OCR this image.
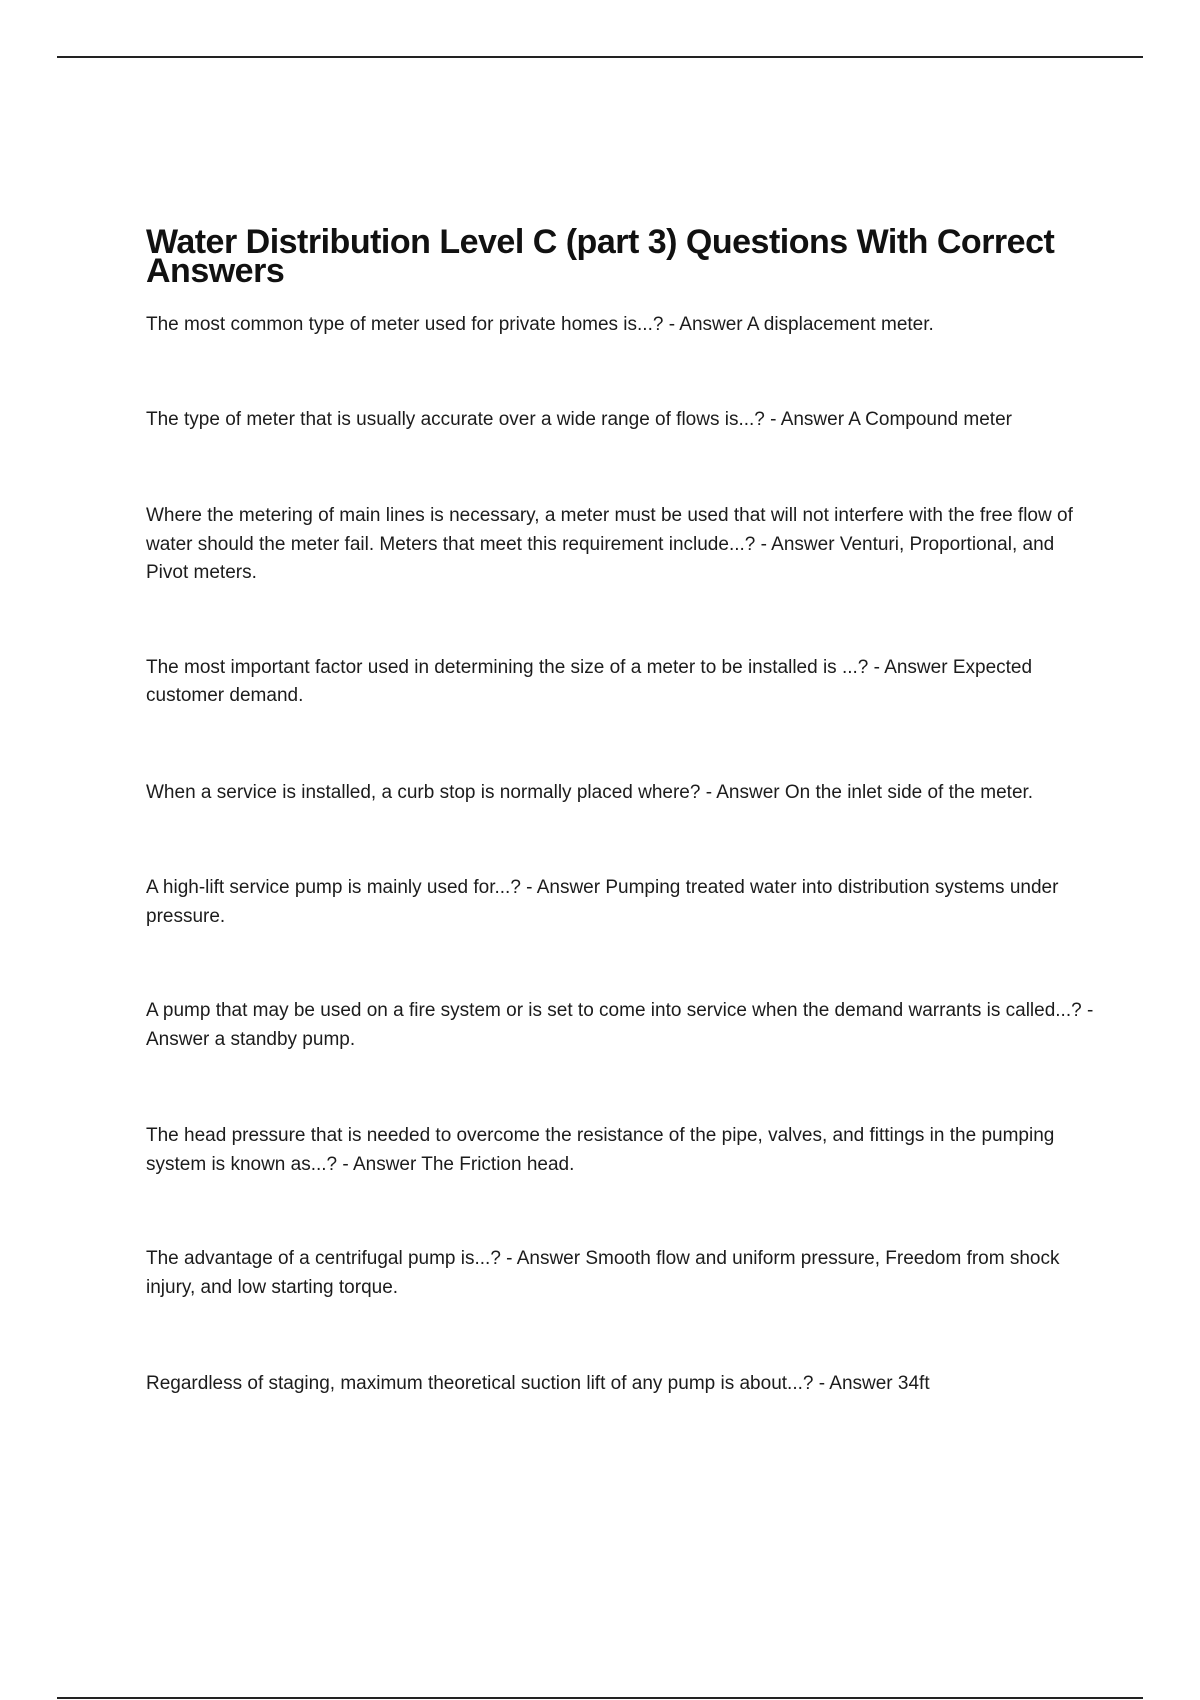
Water Distribution Level C (part 3) Questions With Correct Answers

The most common type of meter used for private homes is...? - Answer A displacement meter.

The type of meter that is usually accurate over a wide range of flows is...? - Answer A Compound meter

Where the metering of main lines is necessary, a meter must be used that will not interfere with the free flow of water should the meter fail. Meters that meet this requirement include...? - Answer Venturi, Proportional, and Pivot meters.

The most important factor used in determining the size of a meter to be installed is ...? - Answer Expected customer demand.

When a service is installed, a curb stop is normally placed where? - Answer On the inlet side of the meter.

A high-lift service pump is mainly used for...? - Answer Pumping treated water into distribution systems under pressure.

A pump that may be used on a fire system or is set to come into service when the demand warrants is called...? - Answer a standby pump.

The head pressure that is needed to overcome the resistance of the pipe, valves, and fittings in the pumping system is known as...? - Answer The Friction head.

The advantage of a centrifugal pump is...? - Answer Smooth flow and uniform pressure, Freedom from shock injury, and low starting torque.

Regardless of staging, maximum theoretical suction lift of any pump is about...? - Answer 34ft
